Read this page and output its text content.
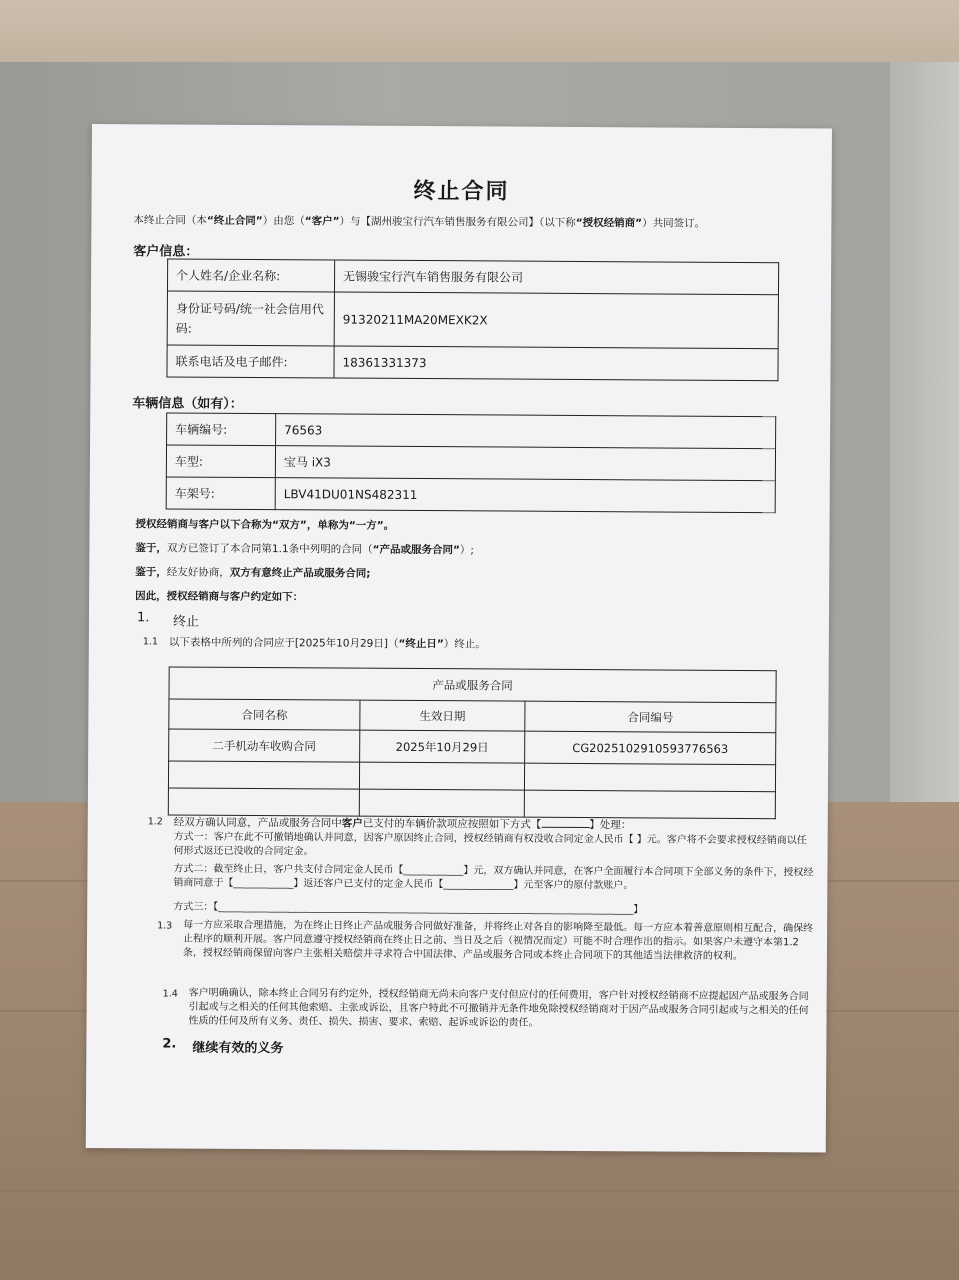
终止合同
本终止合同（本“终止合同”）由您（“客户”）与【湖州骏宝行汽车销售服务有限公司】（以下称“授权经销商”）共同签订。
客户信息：
个人姓名/企业名称:	无锡骏宝行汽车销售服务有限公司
身份证号码/统一社会信用代码:	91320211MA20MEXK2X
联系电话及电子邮件:	18361331373
车辆信息（如有）：
车辆编号:	76563
车型:	宝马 iX3
车架号:	LBV41DU01NS482311
授权经销商与客户以下合称为“双方”，单称为“一方”。
鉴于，双方已签订了本合同第1.1条中列明的合同（“产品或服务合同”）;
鉴于，经友好协商，双方有意终止产品或服务合同;
因此，授权经销商与客户约定如下：
1. 终止
1.1 以下表格中所列的合同应于[2025年10月29日]（“终止日”）终止。
产品或服务合同		
合同名称	生效日期	合同编号
二手机动车收购合同	2025年10月29日	CG2025102910593776563

1.2 经双方确认同意，产品或服务合同中客户已支付的车辆价款项应按照如下方式【	】处理：
方式一：客户在此不可撤销地确认并同意，因客户原因终止合同，授权经销商有权没收合同定金人民币【 】元。客户将不会要求授权经销商以任何形式返还已没收的合同定金。
方式二：截至终止日，客户共支付合同定金人民币【____________】元，双方确认并同意，在客户全面履行本合同项下全部义务的条件下，授权经销商同意于【____________】返还客户已支付的定金人民币【______________】元至客户的原付款账户。
方式三：【___________________________________________________________________________________】
1.3 每一方应采取合理措施，为在终止日终止产品或服务合同做好准备，并将终止对各自的影响降至最低。每一方应本着善意原则相互配合，确保终止程序的顺利开展。客户同意遵守授权经销商在终止日之前、当日及之后（视情况而定）可能不时合理作出的指示。如果客户未遵守本第1.2条，授权经销商保留向客户主张相关赔偿并寻求符合中国法律、产品或服务合同或本终止合同项下的其他适当法律救济的权利。
1.4 客户明确确认，除本终止合同另有约定外，授权经销商无尚未向客户支付但应付的任何费用，客户针对授权经销商不应提起因产品或服务合同引起或与之相关的任何其他索赔、主张或诉讼，且客户特此不可撤销并无条件地免除授权经销商对于因产品或服务合同引起或与之相关的任何性质的任何及所有义务、责任、损失、损害、要求、索赔、起诉或诉讼的责任。
2. 继续有效的义务
